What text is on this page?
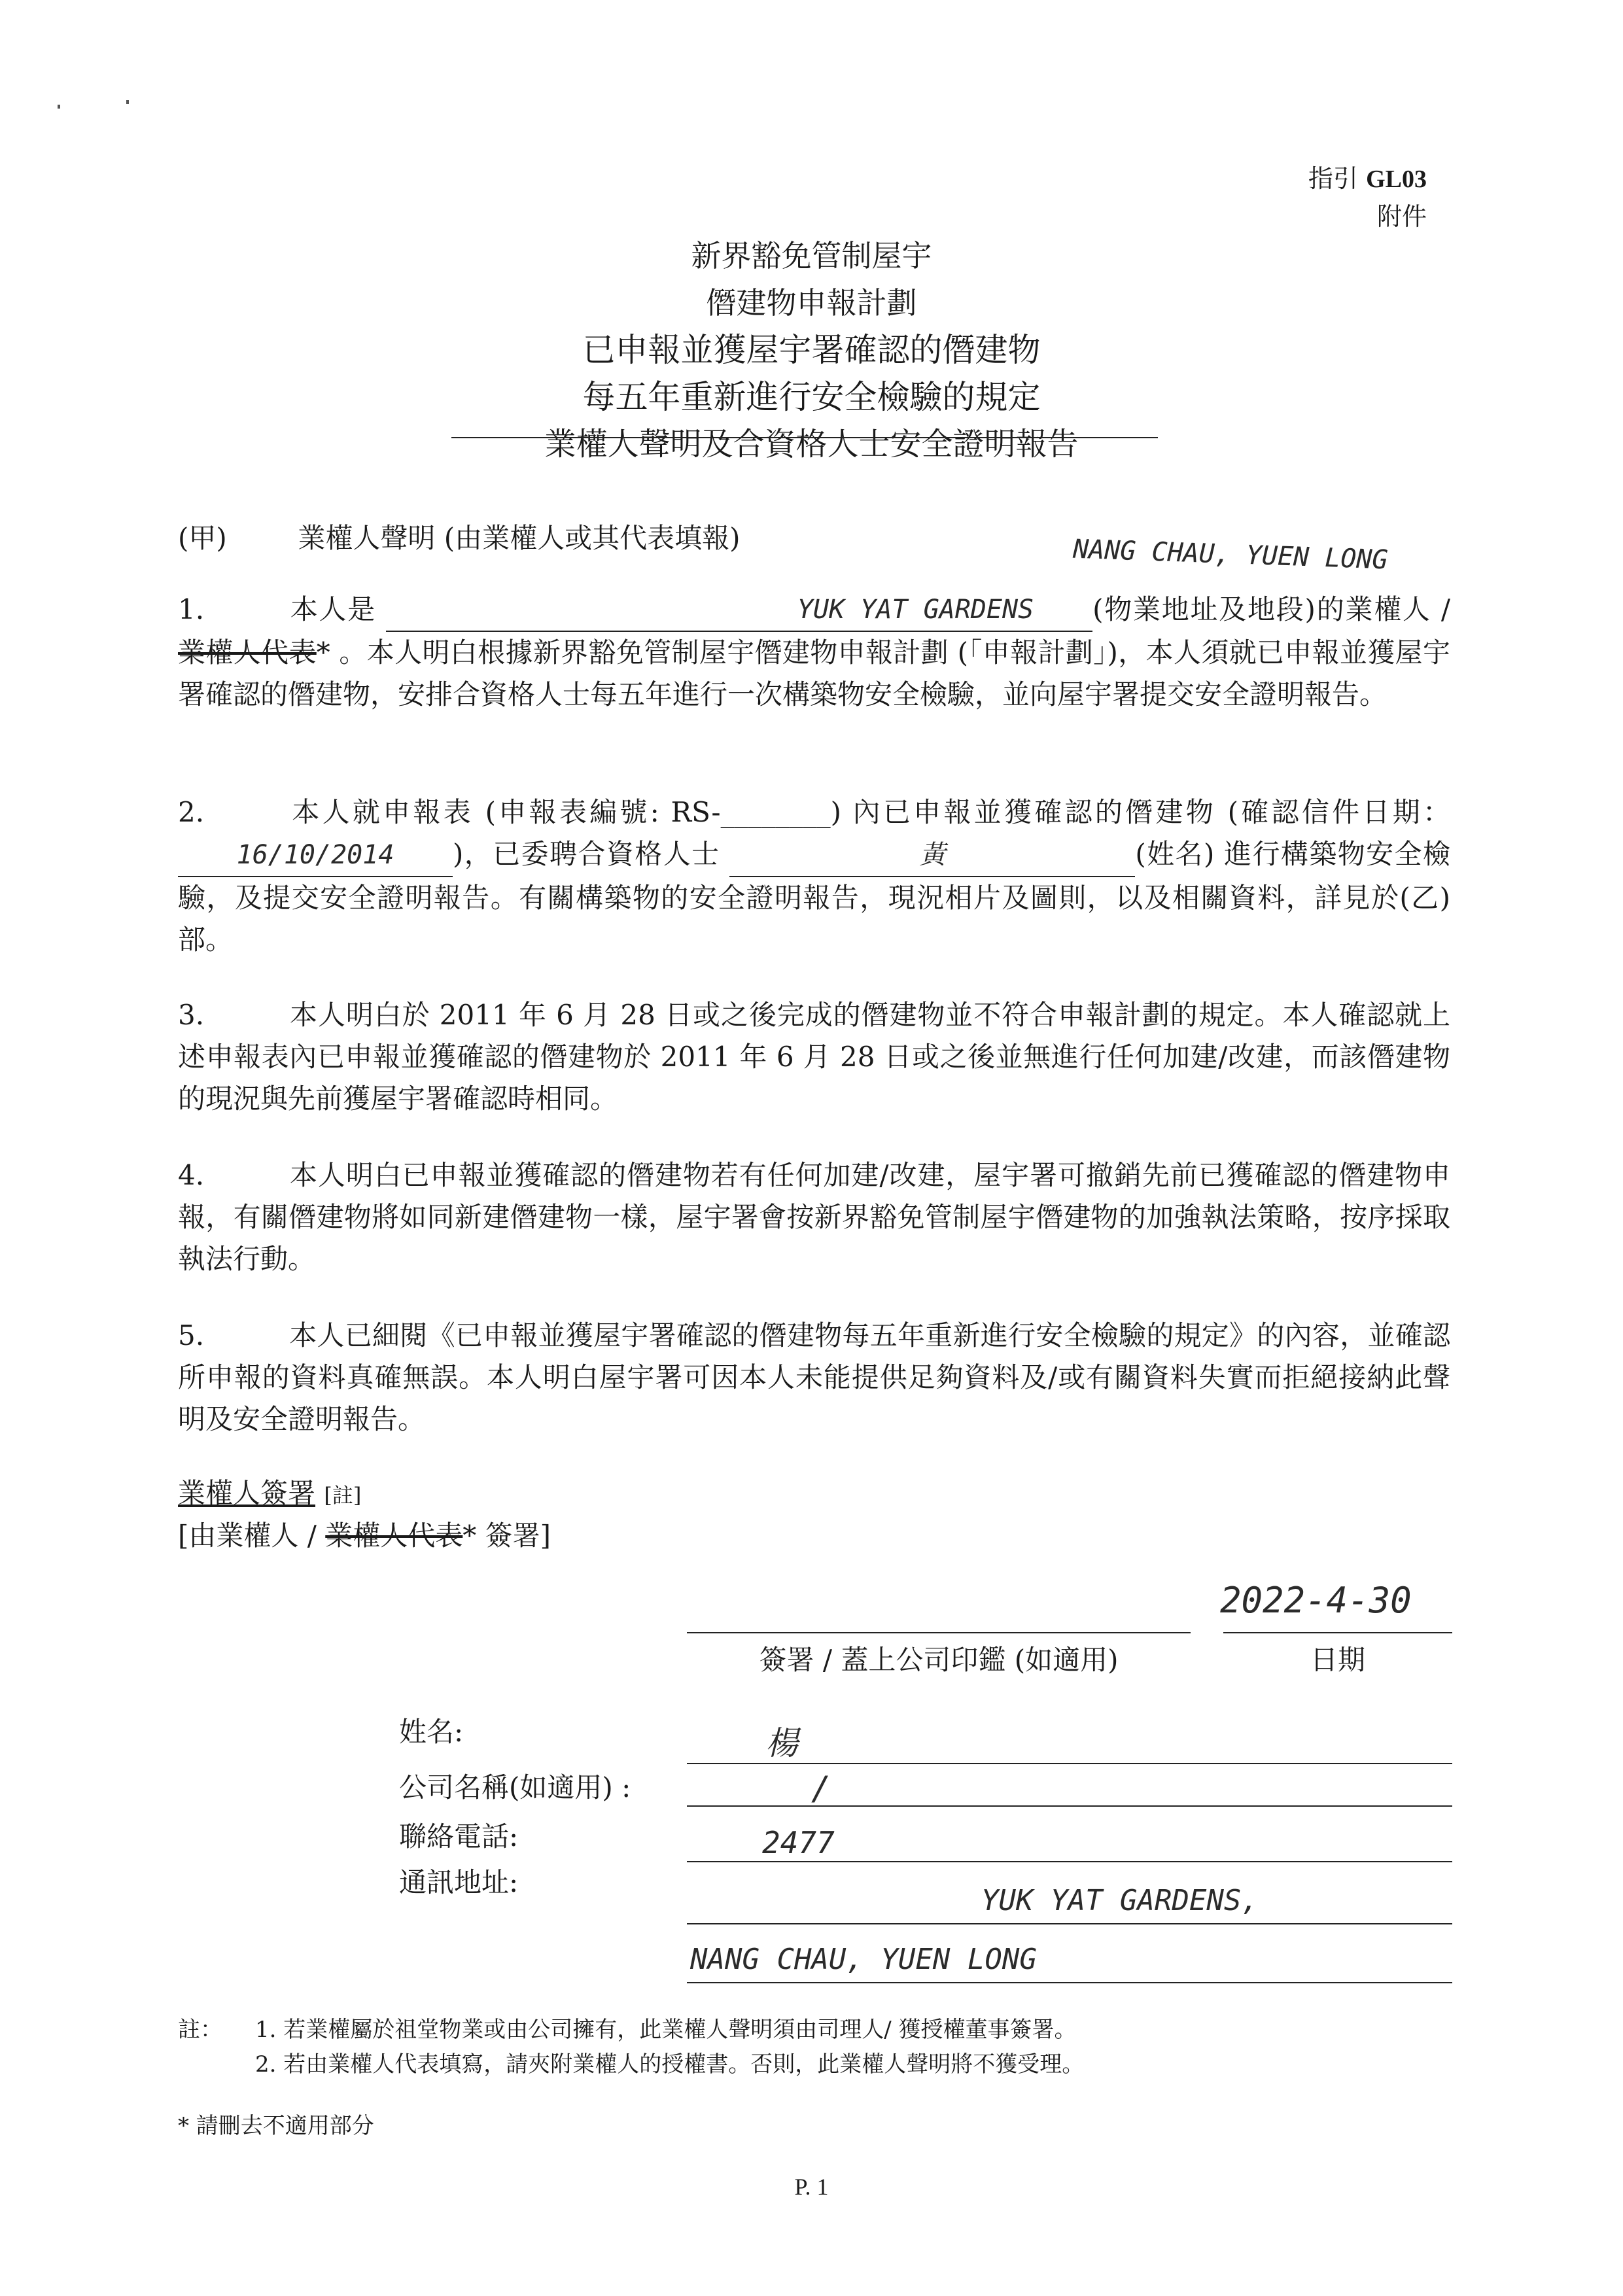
指引 GL03
附件
新界豁免管制屋宇
僭建物申報計劃
已申報並獲屋宇署確認的僭建物
每五年重新進行安全檢驗的規定
業權人聲明及合資格人士安全證明報告
(甲)	業權人聲明 (由業權人或其代表填報)	NANG CHAU, YUEN LONG
1.	本人是	YUK YAT GARDENS (物業地址及地段)的業權人 / 業權人代表* 。本人明白根據新界豁免管制屋宇僭建物申報計劃 (「申報計劃」)，本人須就已申報並獲屋宇署確認的僭建物，安排合資格人士每五年進行一次構築物安全檢驗，並向屋宇署提交安全證明報告。
2.	本人就申報表 (申報表編號: RS-________) 內已申報並獲確認的僭建物 (確認信件日期： 16/10/2014 )，已委聘合資格人士	黃	(姓名) 進行構築物安全檢驗，及提交安全證明報告。有關構築物的安全證明報告，現況相片及圖則，以及相關資料，詳見於(乙)部。
3.	本人明白於 2011 年 6 月 28 日或之後完成的僭建物並不符合申報計劃的規定。本人確認就上述申報表內已申報並獲確認的僭建物於 2011 年 6 月 28 日或之後並無進行任何加建/改建，而該僭建物的現況與先前獲屋宇署確認時相同。
4.	本人明白已申報並獲確認的僭建物若有任何加建/改建，屋宇署可撤銷先前已獲確認的僭建物申報，有關僭建物將如同新建僭建物一樣，屋宇署會按新界豁免管制屋宇僭建物的加強執法策略，按序採取執法行動。
5.	本人已細閱《已申報並獲屋宇署確認的僭建物每五年重新進行安全檢驗的規定》的內容，並確認所申報的資料真確無誤。本人明白屋宇署可因本人未能提供足夠資料及/或有關資料失實而拒絕接納此聲明及安全證明報告。
業權人簽署 [註]
[由業權人 / 業權人代表* 簽署]
2022-4-30
簽署 / 蓋上公司印鑑 (如適用)	日期
姓名:	楊
公司名稱(如適用) :	/
聯絡電話:	2477
通訊地址:
YUK YAT GARDENS,
NANG CHAU, YUEN LONG
註： 1. 若業權屬於祖堂物業或由公司擁有，此業權人聲明須由司理人/ 獲授權董事簽署。
2. 若由業權人代表填寫，請夾附業權人的授權書。否則，此業權人聲明將不獲受理。
* 請刪去不適用部分
P. 1
